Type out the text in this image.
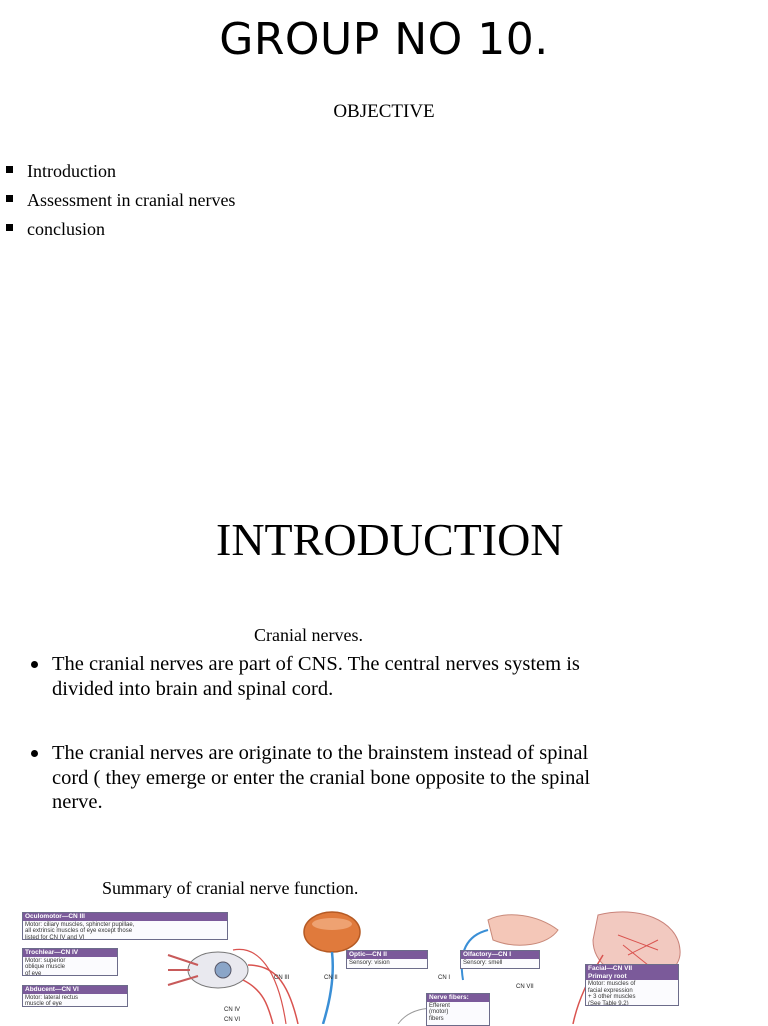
GROUP NO 10.
OBJECTIVE
Introduction
Assessment in cranial nerves
conclusion
INTRODUCTION
Cranial nerves.
The cranial nerves are part of CNS. The central nerves system is divided into brain and spinal cord.
The cranial nerves are originate to the brainstem instead of spinal cord ( they emerge or enter the cranial bone opposite to the spinal nerve.
Summary of cranial nerve function.
Oculomotor—CN III
Motor: ciliary muscles, sphincter pupillae,
all extrinsic muscles of eye except those
listed for CN IV and VI
Trochlear—CN IV
Motor: superior
oblique muscle
of eye
Abducent—CN VI
Motor: lateral rectus
muscle of eye
Optic—CN II
Sensory: vision
Olfactory—CN I
Sensory: smell
Nerve fibers:
Efferent
(motor)
fibers
Facial—CN VII
Primary root
Motor: muscles of
facial expression
+ 3 other muscles
(See Table 9.2)
CN III	CN II	CN I
CN VII
CN IV
CN VI
